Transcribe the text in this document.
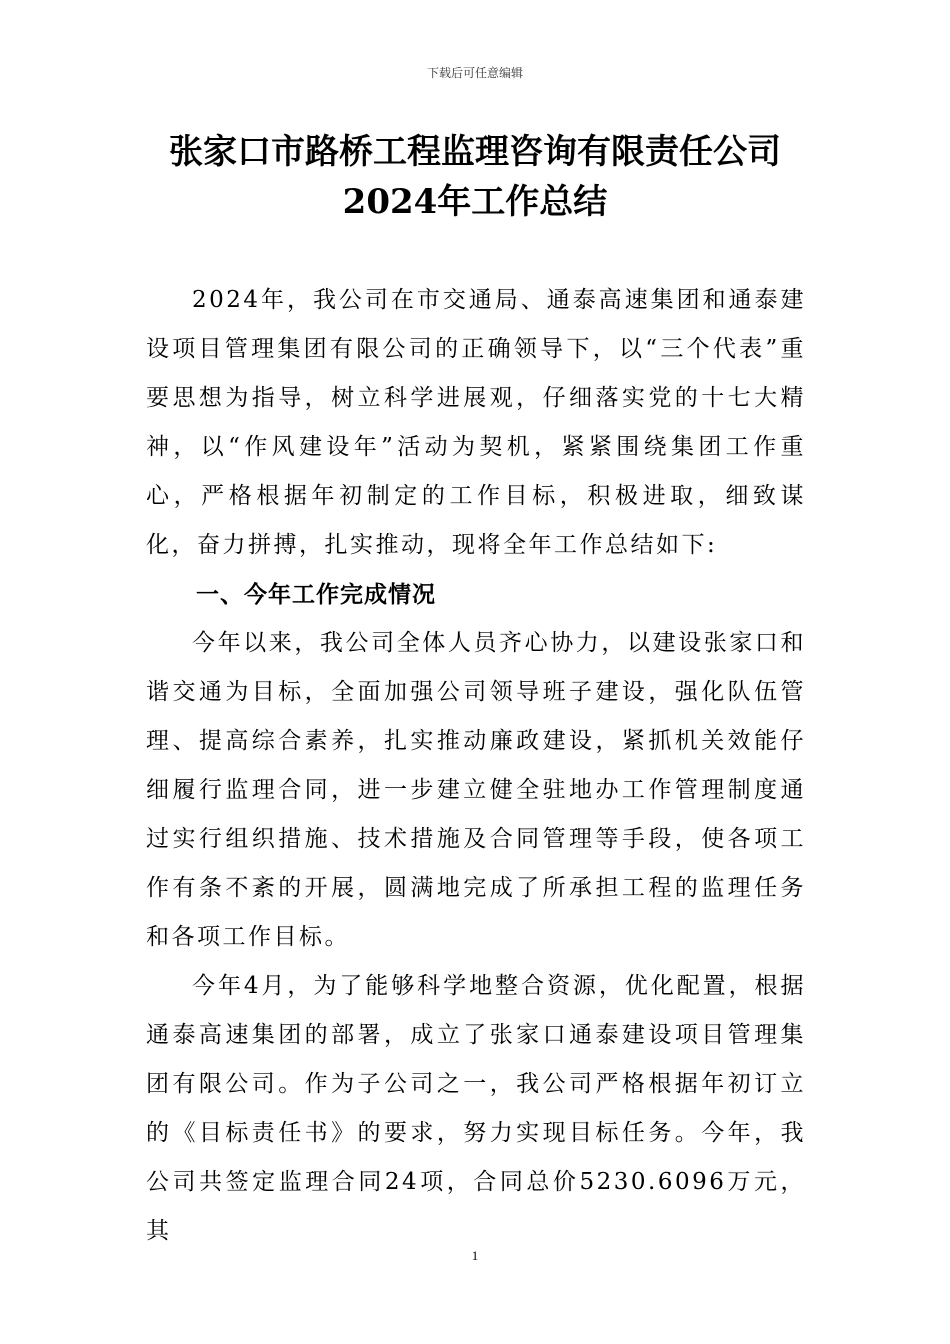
下载后可任意编辑
张家口市路桥工程监理咨询有限责任公司
2024年工作总结

2024年，我公司在市交通局、通泰高速集团和通泰建设项目管理集团有限公司的正确领导下，以“三个代表”重要思想为指导，树立科学进展观，仔细落实党的十七大精神，以“作风建设年”活动为契机，紧紧围绕集团工作重心，严格根据年初制定的工作目标，积极进取，细致谋化，奋力拼搏，扎实推动，现将全年工作总结如下:

一、今年工作完成情况

今年以来，我公司全体人员齐心协力，以建设张家口和谐交通为目标，全面加强公司领导班子建设，强化队伍管理、提高综合素养，扎实推动廉政建设，紧抓机关效能仔细履行监理合同，进一步建立健全驻地办工作管理制度通过实行组织措施、技术措施及合同管理等手段，使各项工作有条不紊的开展，圆满地完成了所承担工程的监理任务和各项工作目标。

今年4月，为了能够科学地整合资源，优化配置，根据通泰高速集团的部署，成立了张家口通泰建设项目管理集团有限公司。作为子公司之一，我公司严格根据年初订立的《目标责任书》的要求，努力实现目标任务。今年，我公司共签定监理合同24项，合同总价5230.6096万元，其

1
